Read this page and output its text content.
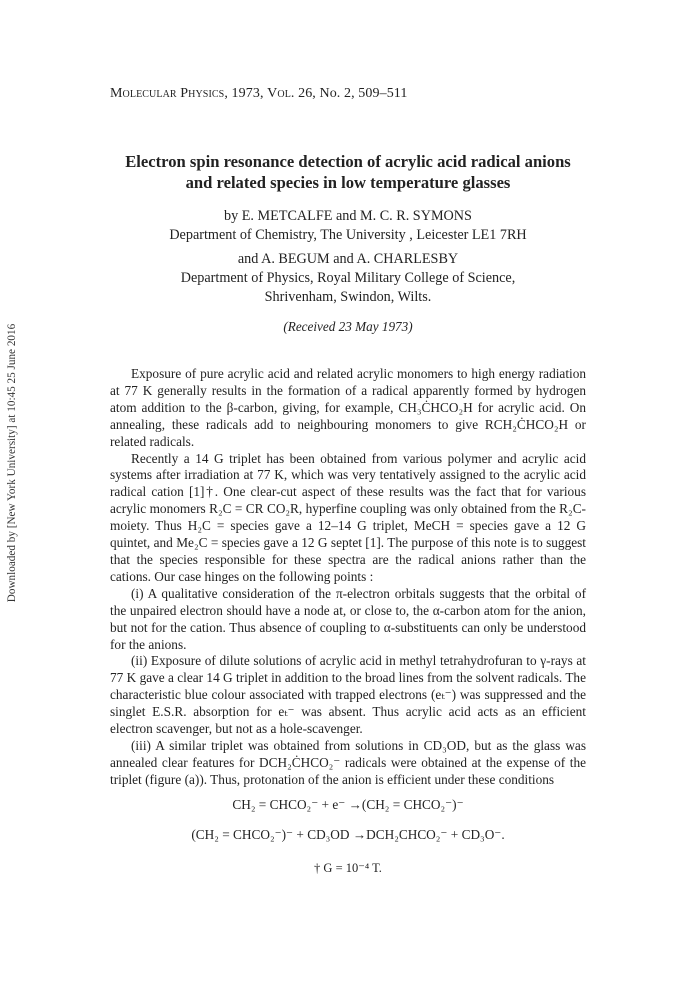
Downloaded by [New York University] at 10:45 25 June 2016
Molecular Physics, 1973, Vol. 26, No. 2, 509–511
Electron spin resonance detection of acrylic acid radical anions and related species in low temperature glasses
by E. METCALFE and M. C. R. SYMONS
Department of Chemistry, The University , Leicester LE1 7RH
and A. BEGUM and A. CHARLESBY
Department of Physics, Royal Military College of Science, Shrivenham, Swindon, Wilts.
(Received 23 May 1973)

Exposure of pure acrylic acid and related acrylic monomers to high energy radiation at 77 K generally results in the formation of a radical apparently formed by hydrogen atom addition to the β-carbon, giving, for example, CH₃ĊHCO₂H for acrylic acid. On annealing, these radicals add to neighbouring monomers to give RCH₂ĊHCO₂H or related radicals.

Recently a 14 G triplet has been obtained from various polymer and acrylic acid systems after irradiation at 77 K, which was very tentatively assigned to the acrylic acid radical cation [1]†. One clear-cut aspect of these results was the fact that for various acrylic monomers R₂C = CR CO₂R, hyperfine coupling was only obtained from the R₂C-moiety. Thus H₂C = species gave a 12–14 G triplet, MeCH = species gave a 12 G quintet, and Me₂C = species gave a 12 G septet [1]. The purpose of this note is to suggest that the species responsible for these spectra are the radical anions rather than the cations. Our case hinges on the following points :

(i) A qualitative consideration of the π-electron orbitals suggests that the orbital of the unpaired electron should have a node at, or close to, the α-carbon atom for the anion, but not for the cation. Thus absence of coupling to α-substituents can only be understood for the anions.

(ii) Exposure of dilute solutions of acrylic acid in methyl tetrahydrofuran to γ-rays at 77 K gave a clear 14 G triplet in addition to the broad lines from the solvent radicals. The characteristic blue colour associated with trapped electrons (eₜ⁻) was suppressed and the singlet E.S.R. absorption for eₜ⁻ was absent. Thus acrylic acid acts as an efficient electron scavenger, but not as a hole-scavenger.

(iii) A similar triplet was obtained from solutions in CD₃OD, but as the glass was annealed clear features for DCH₂ĊHCO₂⁻ radicals were obtained at the expense of the triplet (figure (a)). Thus, protonation of the anion is efficient under these conditions

CH₂ = CHCO₂⁻ + e⁻ →(CH₂ = CHCO₂⁻)⁻
(CH₂ = CHCO₂⁻)⁻ + CD₃OD →DCH₂CHCO₂⁻ + CD₃O⁻.
† G = 10⁻⁴ T.
